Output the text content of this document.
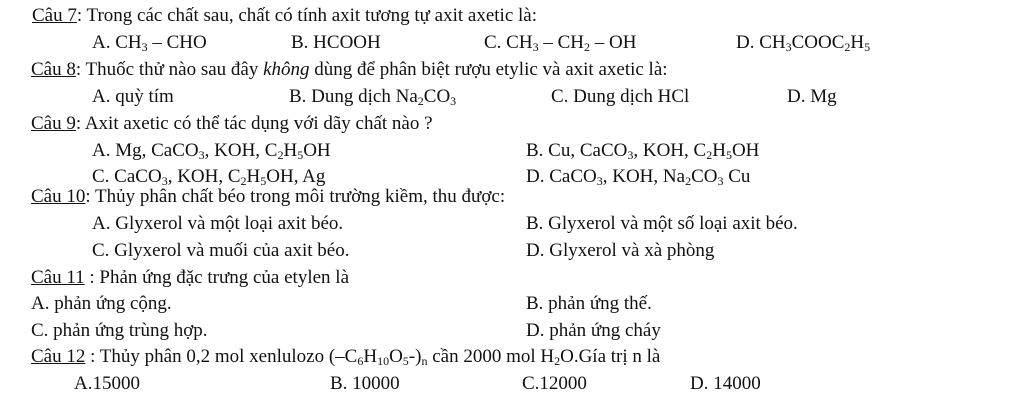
Câu 7: Trong các chất sau, chất có tính axit tương tự axit axetic là:
A. $CH_3$ – CHO	B. HCOOH	C. $CH_3 - CH_2$ – OH	D. $CH_3COOC_2H_5$
Câu 8: Thuốc thử nào sau đây không dùng để phân biệt rượu etylic và axit axetic là:
A. quỳ tím	B. Dung dịch $Na_2CO_3$	C. Dung dịch HCl	D. Mg
Câu 9: Axit axetic có thể tác dụng với dãy chất nào ?
A. Mg, CaCO$_3$, KOH, $C_2H_5OH$	B. Cu, CaCO$_3$, KOH, $C_2H_5OH$
C. CaCO$_3$, KOH, $C_2H_5OH$, Ag	D. CaCO$_3$, KOH, $Na_2CO_3$ Cu
Câu 10: Thủy phân chất béo trong môi trường kiềm, thu được:
A. Glyxerol và một loại axit béo.	B. Glyxerol và một số loại axit béo.
C. Glyxerol và muối của axit béo.	D. Glyxerol và xà phòng
Câu 11 : Phản ứng đặc trưng của etylen là
A. phản ứng cộng.	B. phản ứng thế.
C. phản ứng trùng hợp.	D. phản ứng cháy
Câu 12 : Thủy phân 0,2 mol xenlulozo $(-C_6H_{10}O_5-)_n$ cần 2000 mol $H_2O.Gía$ trị n là
A.15000	B. 10000	C.12000	D. 14000
